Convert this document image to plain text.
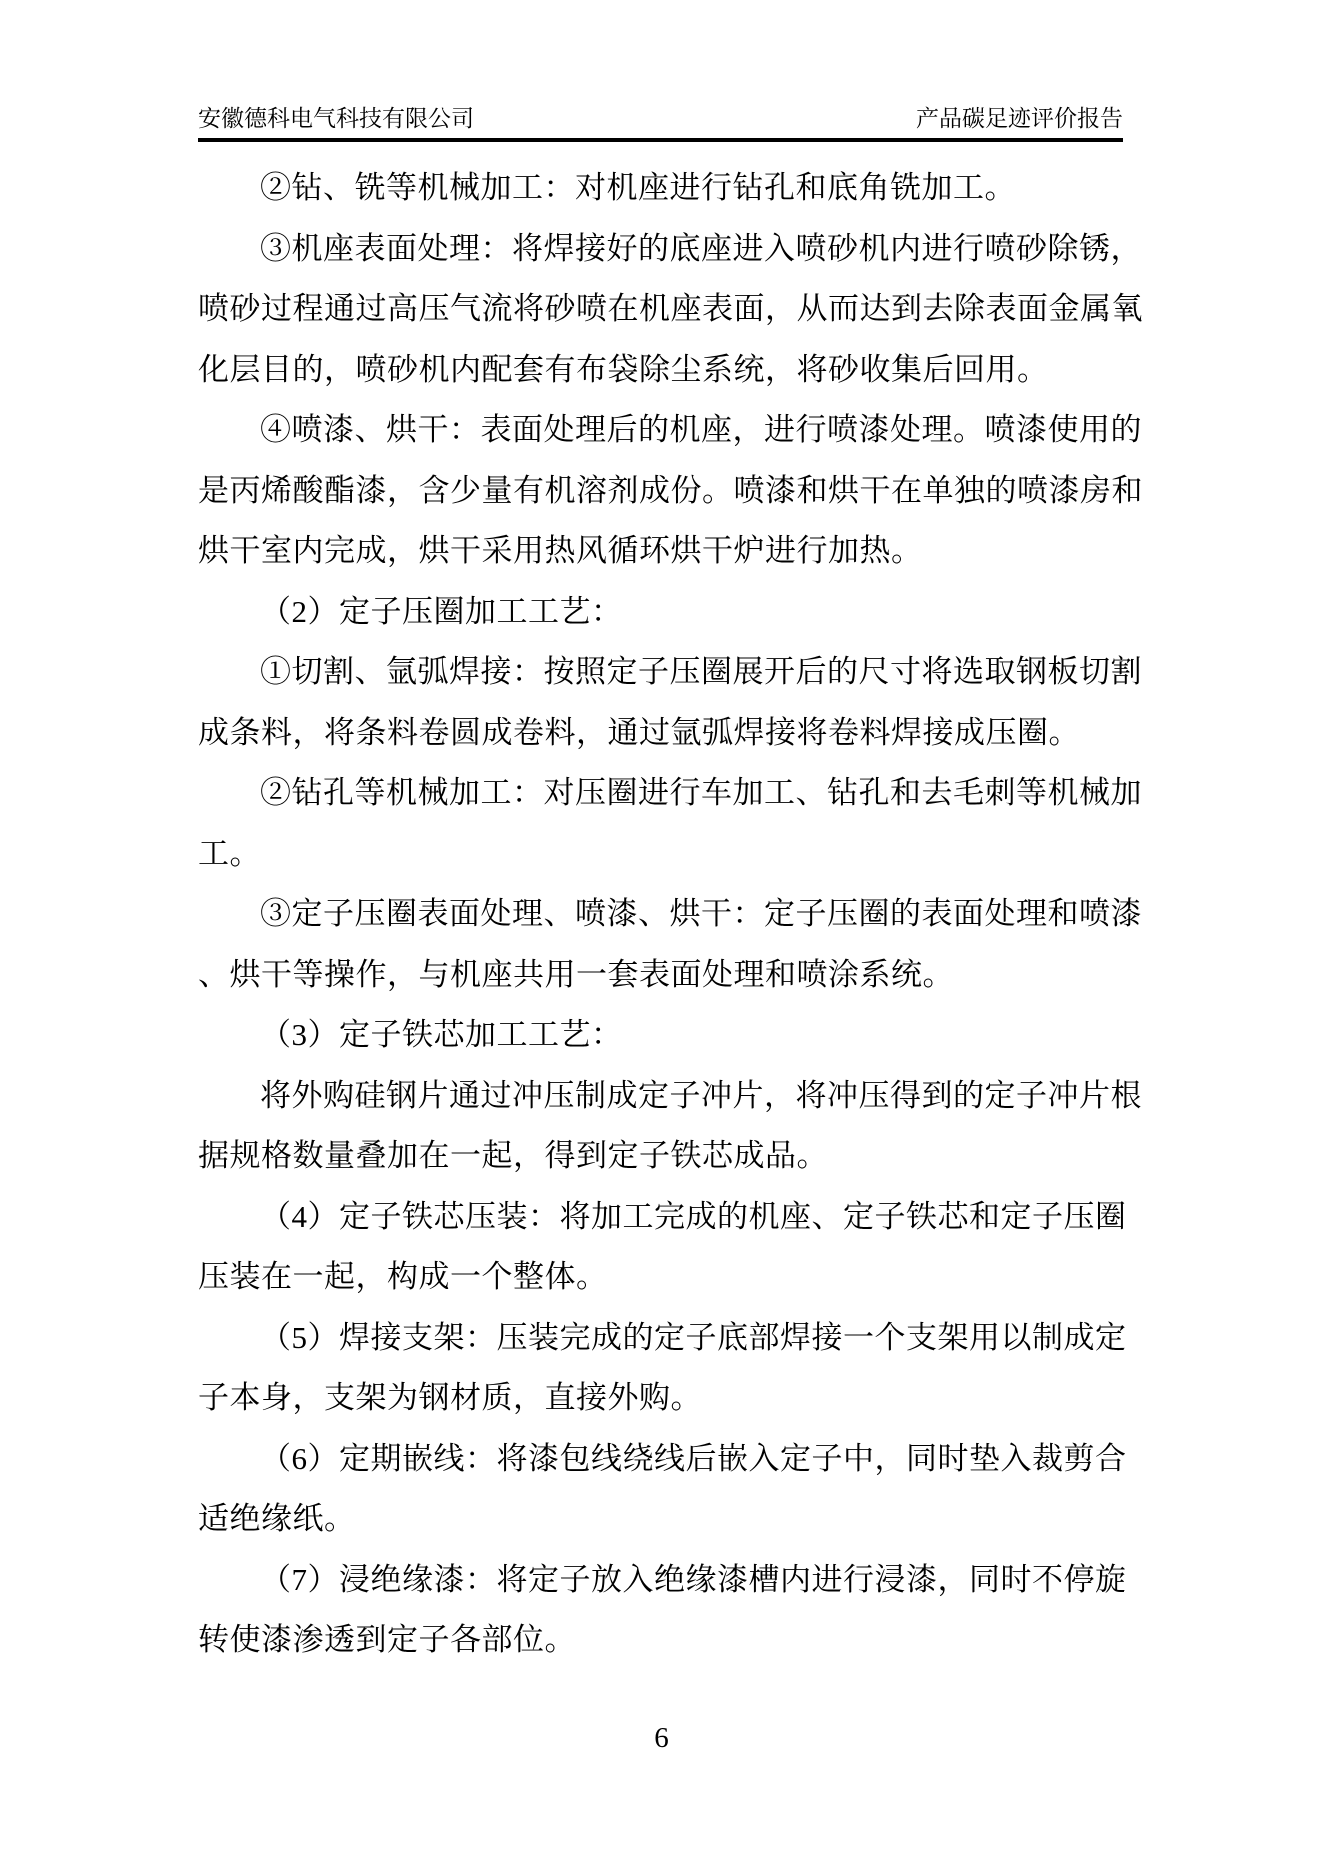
安徽德科电气科技有限公司	产品碳足迹评价报告
②钻、铣等机械加工：对机座进行钻孔和底角铣加工。
③机座表面处理：将焊接好的底座进入喷砂机内进行喷砂除锈，
喷砂过程通过高压气流将砂喷在机座表面，从而达到去除表面金属氧
化层目的，喷砂机内配套有布袋除尘系统，将砂收集后回用。
④喷漆、烘干：表面处理后的机座，进行喷漆处理。喷漆使用的
是丙烯酸酯漆，含少量有机溶剂成份。喷漆和烘干在单独的喷漆房和
烘干室内完成，烘干采用热风循环烘干炉进行加热。
（2）定子压圈加工工艺：
①切割、氩弧焊接：按照定子压圈展开后的尺寸将选取钢板切割
成条料，将条料卷圆成卷料，通过氩弧焊接将卷料焊接成压圈。
②钻孔等机械加工：对压圈进行车加工、钻孔和去毛刺等机械加
工。
③定子压圈表面处理、喷漆、烘干：定子压圈的表面处理和喷漆
、烘干等操作，与机座共用一套表面处理和喷涂系统。
（3）定子铁芯加工工艺：
将外购硅钢片通过冲压制成定子冲片，将冲压得到的定子冲片根
据规格数量叠加在一起，得到定子铁芯成品。
（4）定子铁芯压装：将加工完成的机座、定子铁芯和定子压圈
压装在一起，构成一个整体。
（5）焊接支架：压装完成的定子底部焊接一个支架用以制成定
子本身，支架为钢材质，直接外购。
（6）定期嵌线：将漆包线绕线后嵌入定子中，同时垫入裁剪合
适绝缘纸。
（7）浸绝缘漆：将定子放入绝缘漆槽内进行浸漆，同时不停旋
转使漆渗透到定子各部位。
6
